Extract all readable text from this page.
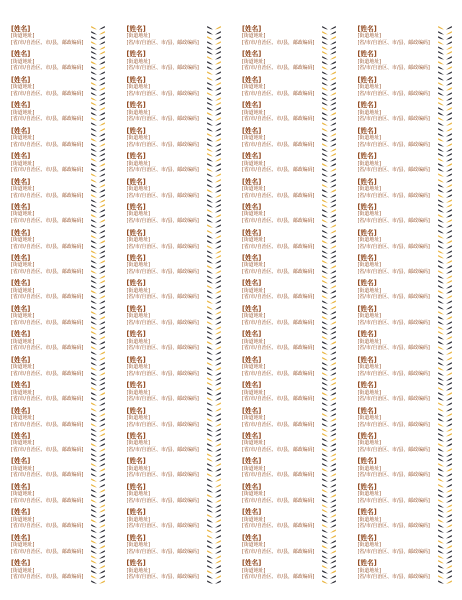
[姓名]
[街道地址]
[省/市/自治区、市/县，邮政编码]
[姓名]
[街道地址]
[省/市/自治区、市/县，邮政编码]
[姓名]
[街道地址]
[省/市/自治区、市/县，邮政编码]
[姓名]
[街道地址]
[省/市/自治区、市/县，邮政编码]
[姓名]
[街道地址]
[省/市/自治区、市/县，邮政编码]
[姓名]
[街道地址]
[省/市/自治区、市/县，邮政编码]
[姓名]
[街道地址]
[省/市/自治区、市/县，邮政编码]
[姓名]
[街道地址]
[省/市/自治区、市/县，邮政编码]
[姓名]
[街道地址]
[省/市/自治区、市/县，邮政编码]
[姓名]
[街道地址]
[省/市/自治区、市/县，邮政编码]
[姓名]
[街道地址]
[省/市/自治区、市/县，邮政编码]
[姓名]
[街道地址]
[省/市/自治区、市/县，邮政编码]
[姓名]
[街道地址]
[省/市/自治区、市/县，邮政编码]
[姓名]
[街道地址]
[省/市/自治区、市/县，邮政编码]
[姓名]
[街道地址]
[省/市/自治区、市/县，邮政编码]
[姓名]
[街道地址]
[省/市/自治区、市/县，邮政编码]
[姓名]
[街道地址]
[省/市/自治区、市/县，邮政编码]
[姓名]
[街道地址]
[省/市/自治区、市/县，邮政编码]
[姓名]
[街道地址]
[省/市/自治区、市/县，邮政编码]
[姓名]
[街道地址]
[省/市/自治区、市/县，邮政编码]
[姓名]
[街道地址]
[省/市/自治区、市/县，邮政编码]
[姓名]
[街道地址]
[省/市/自治区、市/县，邮政编码]
[姓名]
[街道地址]
[省/市/自治区、市/县，邮政编码]
[姓名]
[街道地址]
[省/市/自治区、市/县，邮政编码]
[姓名]
[街道地址]
[省/市/自治区、市/县，邮政编码]
[姓名]
[街道地址]
[省/市/自治区、市/县，邮政编码]
[姓名]
[街道地址]
[省/市/自治区、市/县，邮政编码]
[姓名]
[街道地址]
[省/市/自治区、市/县，邮政编码]
[姓名]
[街道地址]
[省/市/自治区、市/县，邮政编码]
[姓名]
[街道地址]
[省/市/自治区、市/县，邮政编码]
[姓名]
[街道地址]
[省/市/自治区、市/县，邮政编码]
[姓名]
[街道地址]
[省/市/自治区、市/县，邮政编码]
[姓名]
[街道地址]
[省/市/自治区、市/县，邮政编码]
[姓名]
[街道地址]
[省/市/自治区、市/县，邮政编码]
[姓名]
[街道地址]
[省/市/自治区、市/县，邮政编码]
[姓名]
[街道地址]
[省/市/自治区、市/县，邮政编码]
[姓名]
[街道地址]
[省/市/自治区、市/县，邮政编码]
[姓名]
[街道地址]
[省/市/自治区、市/县，邮政编码]
[姓名]
[街道地址]
[省/市/自治区、市/县，邮政编码]
[姓名]
[街道地址]
[省/市/自治区、市/县，邮政编码]
[姓名]
[街道地址]
[省/市/自治区、市/县，邮政编码]
[姓名]
[街道地址]
[省/市/自治区、市/县，邮政编码]
[姓名]
[街道地址]
[省/市/自治区、市/县，邮政编码]
[姓名]
[街道地址]
[省/市/自治区、市/县，邮政编码]
[姓名]
[街道地址]
[省/市/自治区、市/县，邮政编码]
[姓名]
[街道地址]
[省/市/自治区、市/县，邮政编码]
[姓名]
[街道地址]
[省/市/自治区、市/县，邮政编码]
[姓名]
[街道地址]
[省/市/自治区、市/县，邮政编码]
[姓名]
[街道地址]
[省/市/自治区、市/县，邮政编码]
[姓名]
[街道地址]
[省/市/自治区、市/县，邮政编码]
[姓名]
[街道地址]
[省/市/自治区、市/县，邮政编码]
[姓名]
[街道地址]
[省/市/自治区、市/县，邮政编码]
[姓名]
[街道地址]
[省/市/自治区、市/县，邮政编码]
[姓名]
[街道地址]
[省/市/自治区、市/县，邮政编码]
[姓名]
[街道地址]
[省/市/自治区、市/县，邮政编码]
[姓名]
[街道地址]
[省/市/自治区、市/县，邮政编码]
[姓名]
[街道地址]
[省/市/自治区、市/县，邮政编码]
[姓名]
[街道地址]
[省/市/自治区、市/县，邮政编码]
[姓名]
[街道地址]
[省/市/自治区、市/县，邮政编码]
[姓名]
[街道地址]
[省/市/自治区、市/县，邮政编码]
[姓名]
[街道地址]
[省/市/自治区、市/县，邮政编码]
[姓名]
[街道地址]
[省/市/自治区、市/县，邮政编码]
[姓名]
[街道地址]
[省/市/自治区、市/县，邮政编码]
[姓名]
[街道地址]
[省/市/自治区、市/县，邮政编码]
[姓名]
[街道地址]
[省/市/自治区、市/县，邮政编码]
[姓名]
[街道地址]
[省/市/自治区、市/县，邮政编码]
[姓名]
[街道地址]
[省/市/自治区、市/县，邮政编码]
[姓名]
[街道地址]
[省/市/自治区、市/县，邮政编码]
[姓名]
[街道地址]
[省/市/自治区、市/县，邮政编码]
[姓名]
[街道地址]
[省/市/自治区、市/县，邮政编码]
[姓名]
[街道地址]
[省/市/自治区、市/县，邮政编码]
[姓名]
[街道地址]
[省/市/自治区、市/县，邮政编码]
[姓名]
[街道地址]
[省/市/自治区、市/县，邮政编码]
[姓名]
[街道地址]
[省/市/自治区、市/县，邮政编码]
[姓名]
[街道地址]
[省/市/自治区、市/县，邮政编码]
[姓名]
[街道地址]
[省/市/自治区、市/县，邮政编码]
[姓名]
[街道地址]
[省/市/自治区、市/县，邮政编码]
[姓名]
[街道地址]
[省/市/自治区、市/县，邮政编码]
[姓名]
[街道地址]
[省/市/自治区、市/县，邮政编码]
[姓名]
[街道地址]
[省/市/自治区、市/县，邮政编码]
[姓名]
[街道地址]
[省/市/自治区、市/县，邮政编码]
[姓名]
[街道地址]
[省/市/自治区、市/县，邮政编码]
[姓名]
[街道地址]
[省/市/自治区、市/县，邮政编码]
[姓名]
[街道地址]
[省/市/自治区、市/县，邮政编码]
[姓名]
[街道地址]
[省/市/自治区、市/县，邮政编码]
[姓名]
[街道地址]
[省/市/自治区、市/县，邮政编码]
[姓名]
[街道地址]
[省/市/自治区、市/县，邮政编码]
[姓名]
[街道地址]
[省/市/自治区、市/县，邮政编码]
